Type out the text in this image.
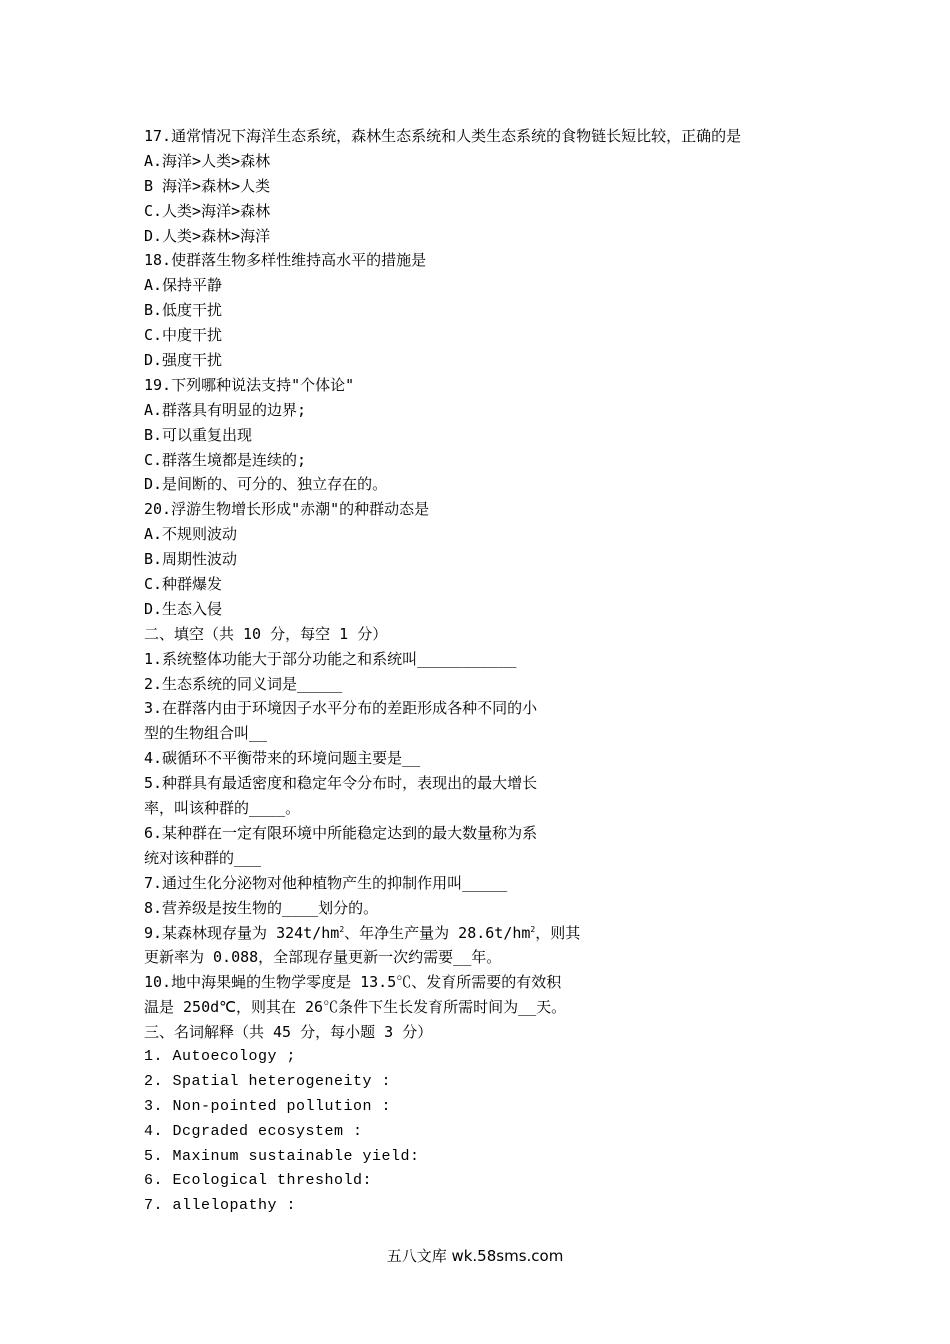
17.通常情况下海洋生态系统，森林生态系统和人类生态系统的食物链长短比较，正确的是
A.海洋>人类>森林
B 海洋>森林>人类
C.人类>海洋>森林
D.人类>森林>海洋
18.使群落生物多样性维持高水平的措施是
A.保持平静
B.低度干扰
C.中度干扰
D.强度干扰
19.下列哪种说法支持"个体论"
A.群落具有明显的边界;
B.可以重复出现
C.群落生境都是连续的;
D.是间断的、可分的、独立存在的。
20.浮游生物增长形成"赤潮"的种群动态是
A.不规则波动
B.周期性波动
C.种群爆发
D.生态入侵
二、填空（共 10 分，每空 1 分）
1.系统整体功能大于部分功能之和系统叫___________
2.生态系统的同义词是_____
3.在群落内由于环境因子水平分布的差距形成各种不同的小
型的生物组合叫__
4.碳循环不平衡带来的环境问题主要是__
5.种群具有最适密度和稳定年令分布时，表现出的最大增长
率，叫该种群的____。
6.某种群在一定有限环境中所能稳定达到的最大数量称为系
统对该种群的___
7.通过生化分泌物对他种植物产生的抑制作用叫_____
8.营养级是按生物的____划分的。
9.某森林现存量为 $324t/hm^2$、年净生产量为 $28.6t/hm^2$，则其
更新率为 0.088，全部现存量更新一次约需要__年。
10.地中海果蝇的生物学零度是 13.5℃、发育所需要的有效积
温是 250d℃，则其在 26℃条件下生长发育所需时间为__天。
三、名词解释（共 45 分，每小题 3 分）
1. Autoecology ;
2. Spatial heterogeneity :
3. Non-pointed pollution :
4. Dcgraded ecosystem :
5. Maxinum sustainable yield:
6. Ecological threshold:
7. allelopathy :
五八文库 wk.58sms.com
